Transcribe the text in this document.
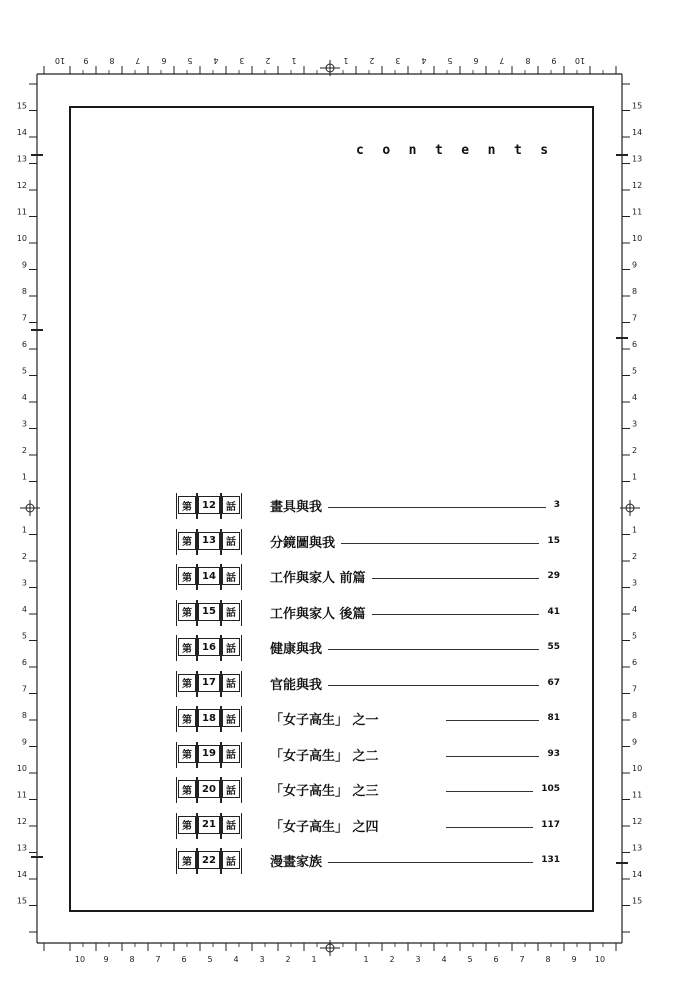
10 9	8	7	6	5	4	3	2	1	1	2	3	4	5	6	7	8	9 10
10 9	8	7	6	5	4	3	2	1	1	2	3	4	5	6	7	8	9 10
15	15
14	14
13	13
12	12
11	11
10	10
9	9
8	8
7	7
6	6
5	5
4	4
3	3
2	2
1	1
1	1
2	2
3	3
4	4
5	5
6	6
7	7
8	8
9	9
10	10
11	11
12	12
13	13
14	14
15	15
contents
第	12	話	畫具與我	3
第	13	話	分鏡圖與我	15
第	14	話	工作與家人 前篇	29
第	15	話	工作與家人 後篇	41
第	16	話	健康與我	55
第	17	話	官能與我	67
第	18	話	「女子高生」 之一	81
第	19	話	「女子高生」 之二	93
第	20	話	「女子高生」 之三	105
第	21	話	「女子高生」 之四	117
第	22	話	漫畫家族	131
